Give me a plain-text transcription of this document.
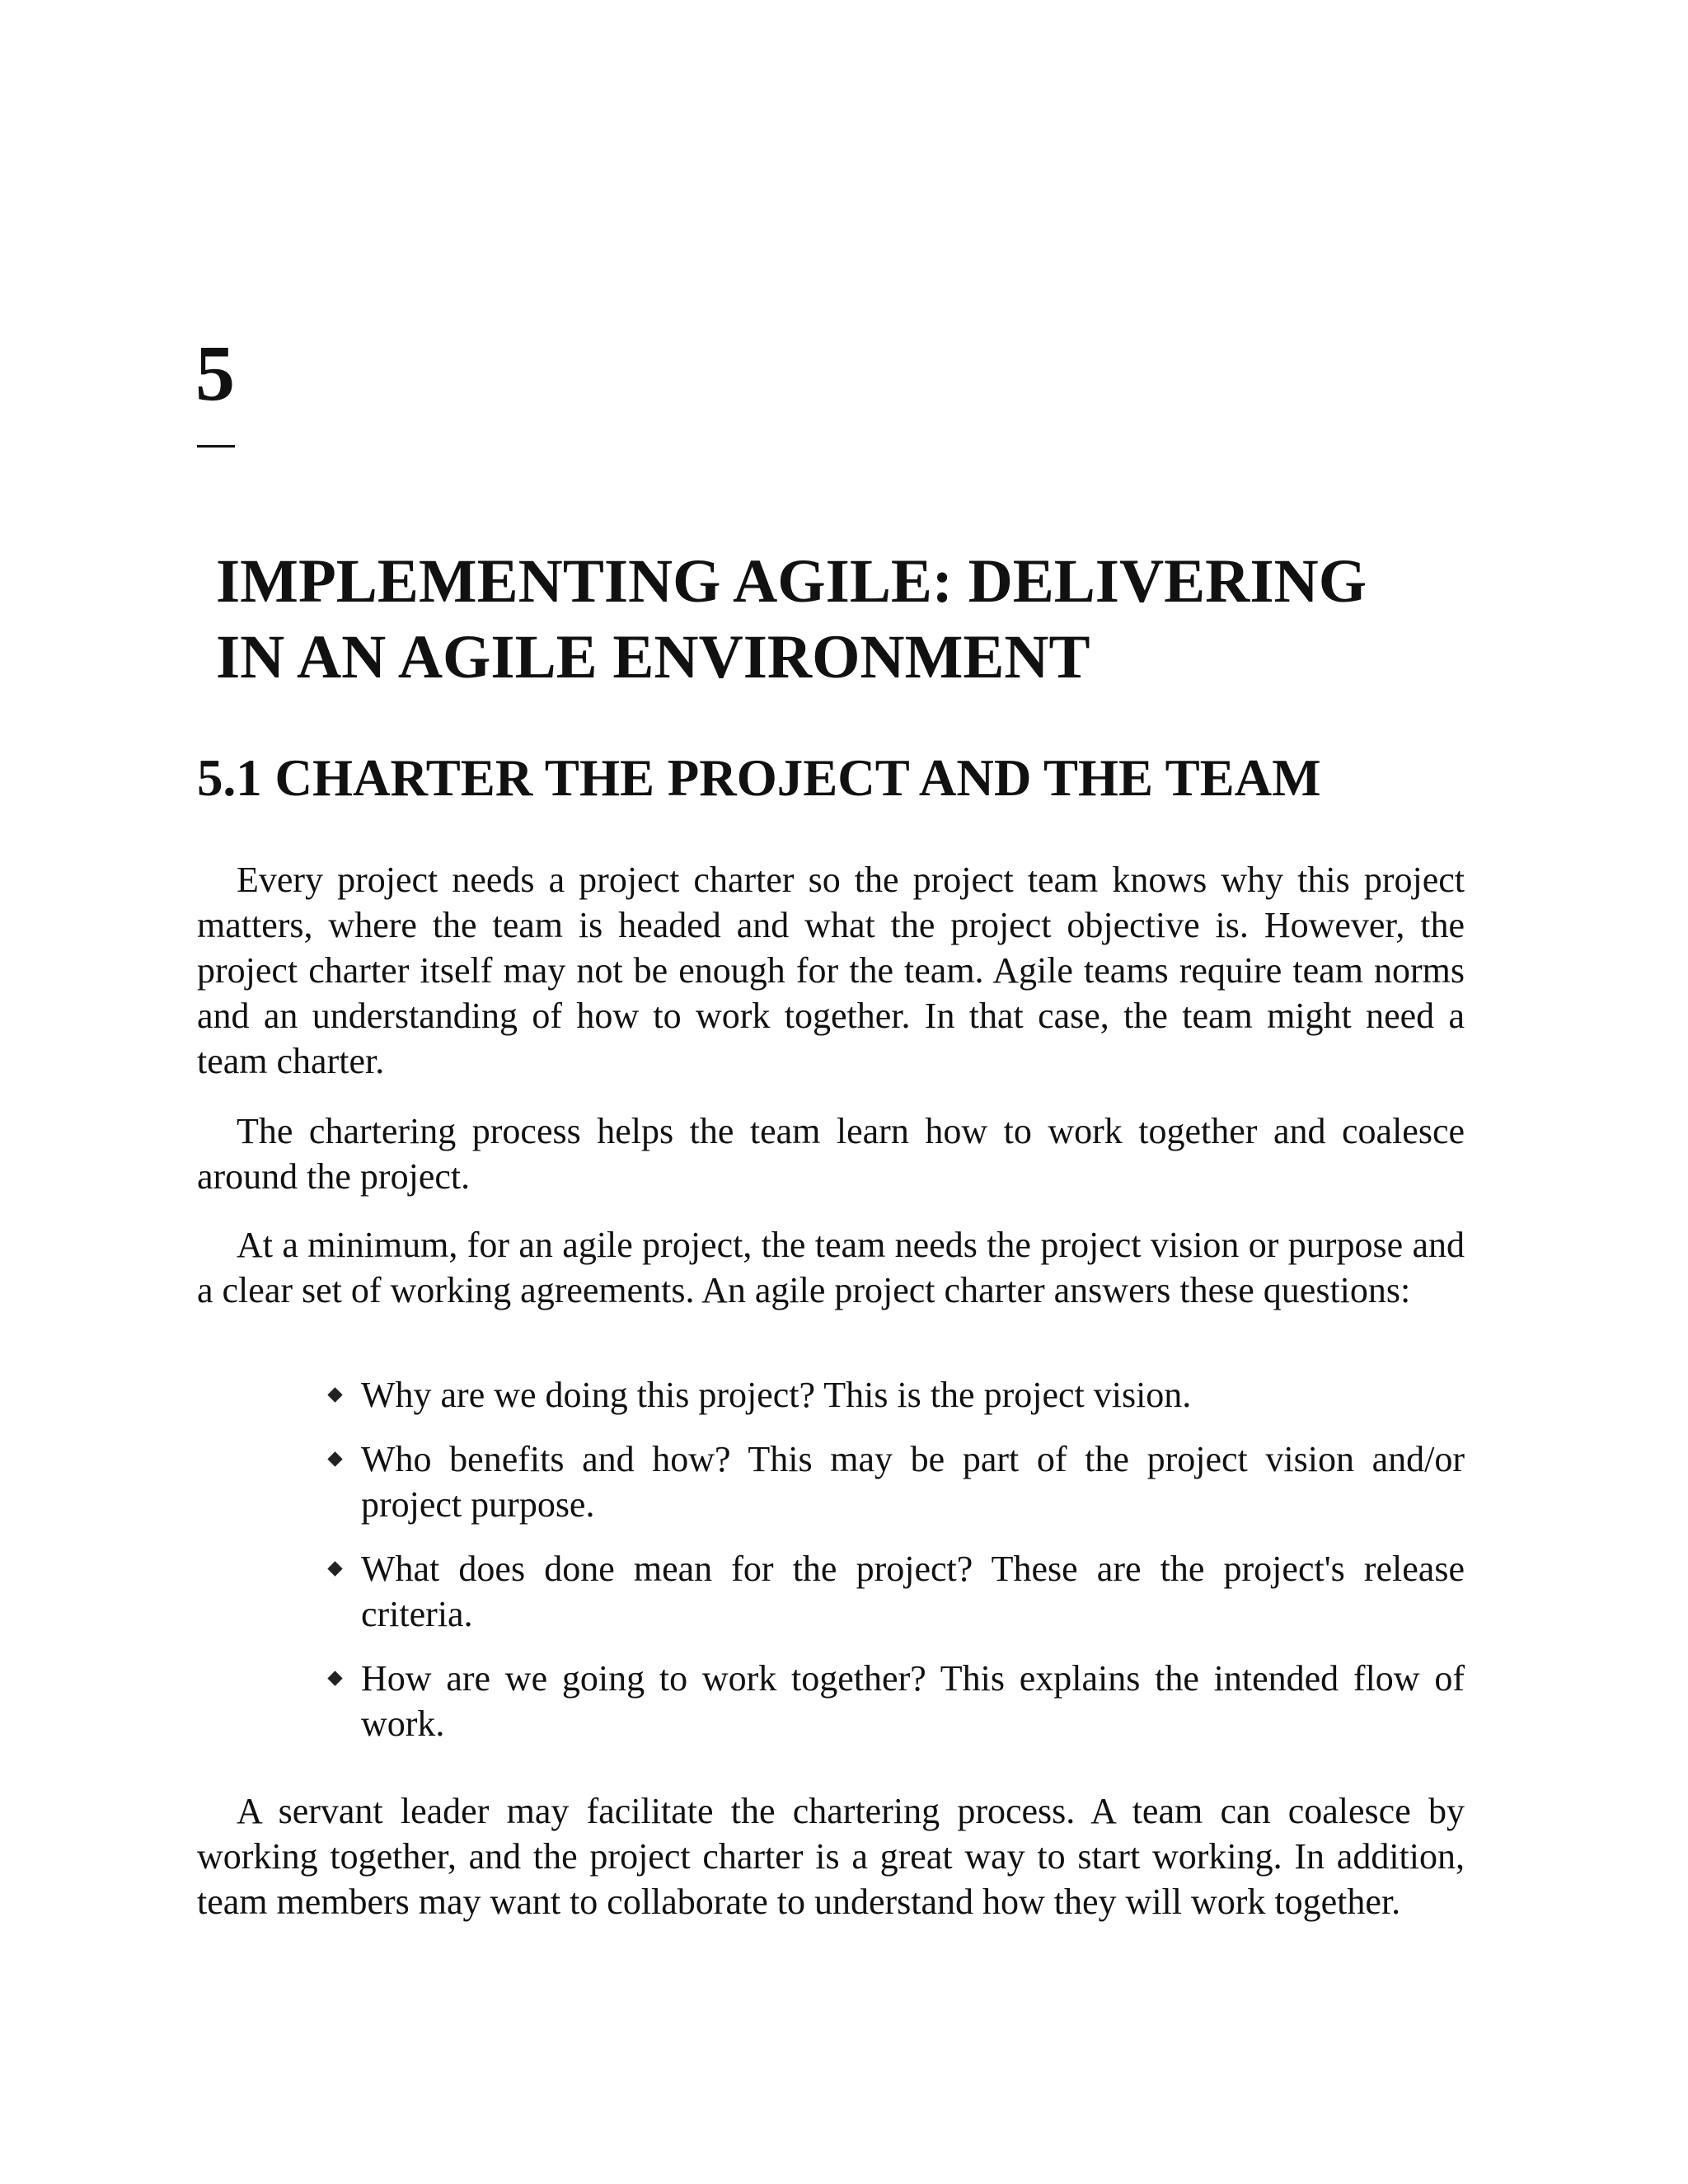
5
IMPLEMENTING AGILE: DELIVERING
IN AN AGILE ENVIRONMENT
5.1 CHARTER THE PROJECT AND THE TEAM

Every project needs a project charter so the project team knows why this project matters, where the team is headed and what the project objective is. However, the project charter itself may not be enough for the team. Agile teams require team norms and an understanding of how to work together. In that case, the team might need a team charter.

The chartering process helps the team learn how to work together and coalesce around the project.

At a minimum, for an agile project, the team needs the project vision or purpose and a clear set of working agreements. An agile project charter answers these questions:

Why are we doing this project? This is the project vision.
Who benefits and how? This may be part of the project vision and/or project purpose.
What does done mean for the project? These are the project's release criteria.
How are we going to work together? This explains the intended flow of work.

A servant leader may facilitate the chartering process. A team can coalesce by working together, and the project charter is a great way to start working. In addition, team members may want to collaborate to understand how they will work together.
